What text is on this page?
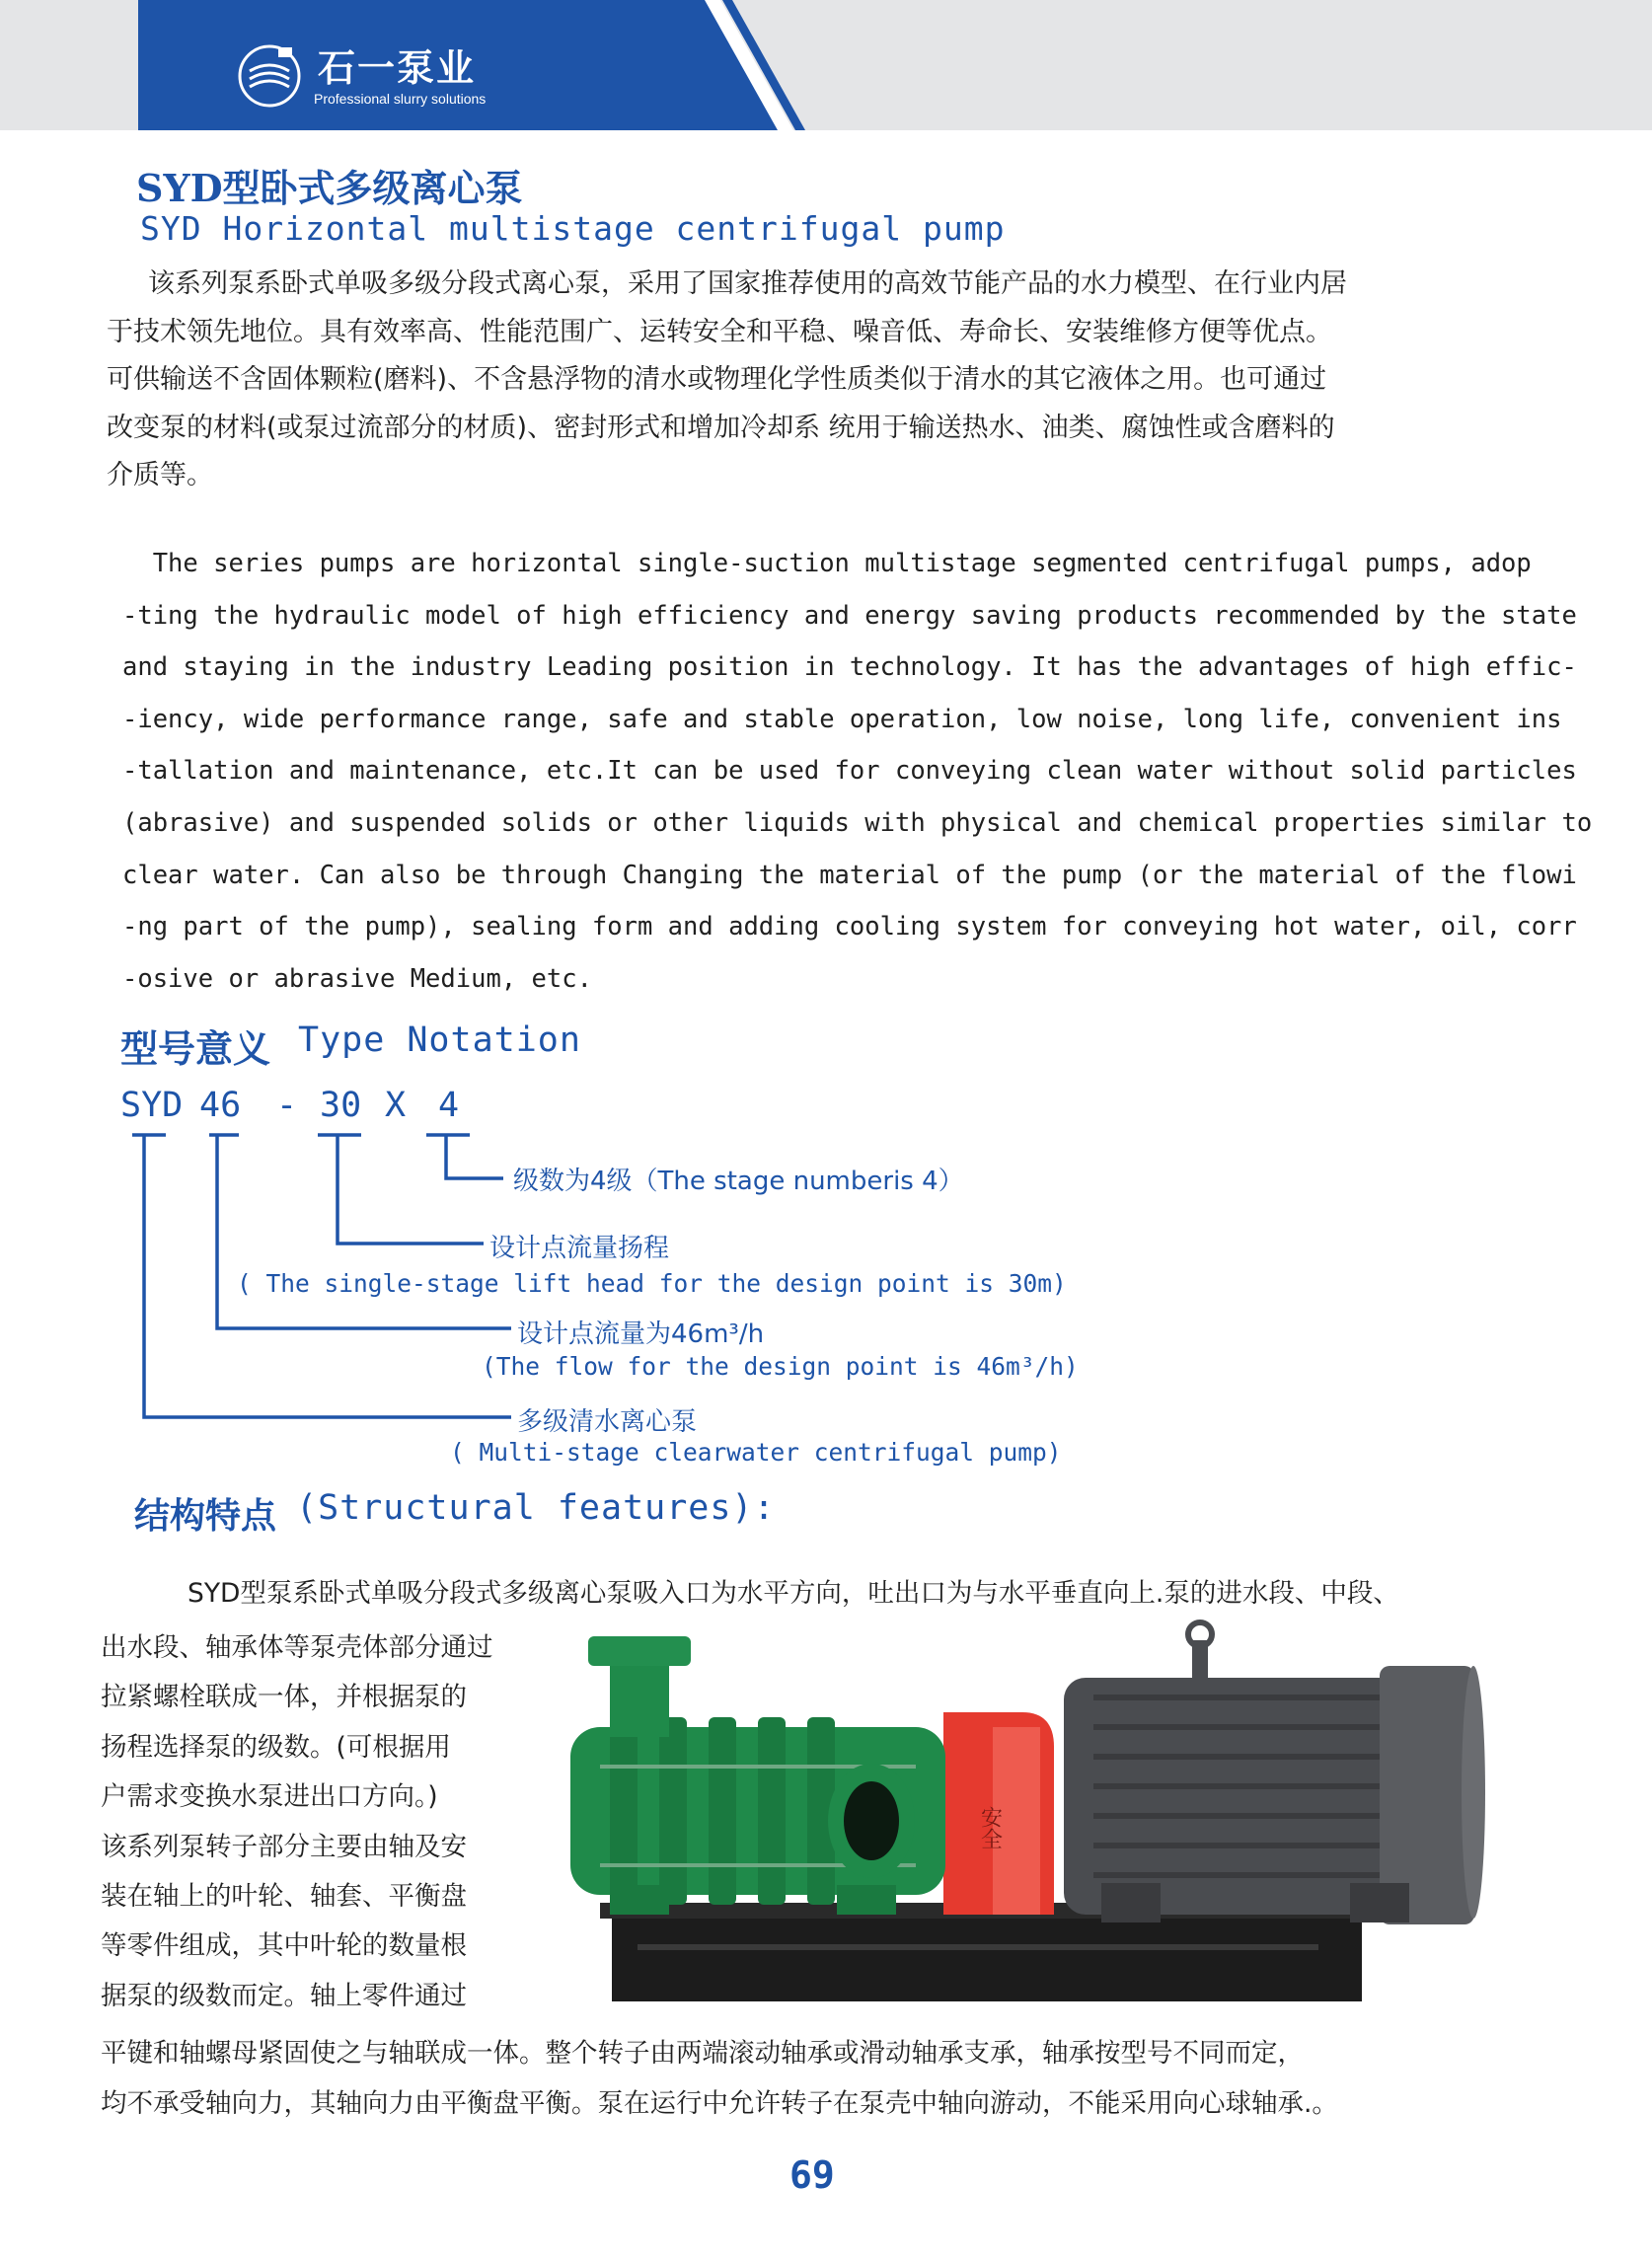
石一泵业
Professional slurry solutions
SYD型卧式多级离心泵
SYD Horizontal multistage centrifugal pump
该系列泵系卧式单吸多级分段式离心泵，采用了国家推荐使用的高效节能产品的水力模型、在行业内居
于技术领先地位。具有效率高、性能范围广、运转安全和平稳、噪音低、寿命长、安装维修方便等优点。
可供输送不含固体颗粒(磨料)、不含悬浮物的清水或物理化学性质类似于清水的其它液体之用。也可通过
改变泵的材料(或泵过流部分的材质)、密封形式和增加冷却系 统用于输送热水、油类、腐蚀性或含磨料的
介质等。
The series pumps are horizontal single-suction multistage segmented centrifugal pumps, adop
-ting the hydraulic model of high efficiency and energy saving products recommended by the state
and staying in the industry Leading position in technology. It has the advantages of high effic-
-iency, wide performance range, safe and stable operation, low noise, long life, convenient ins
-tallation and maintenance, etc.It can be used for conveying clean water without solid particles
(abrasive) and suspended solids or other liquids with physical and chemical properties similar to
clear water. Can also be through Changing the material of the pump (or the material of the flowi
-ng part of the pump), sealing form and adding cooling system for conveying hot water, oil, corr
-osive or abrasive Medium, etc.
型号意义 Type Notation
SYD 46 - 30 X 4
级数为4级（The stage numberis 4）
设计点流量扬程
( The single-stage lift head for the design point is 30m)
设计点流量为46m³/h
(The flow for the design point is 46m³/h)
多级清水离心泵
( Multi-stage clearwater centrifugal pump)
结构特点 (Structural features):
SYD型泵系卧式单吸分段式多级离心泵吸入口为水平方向，吐出口为与水平垂直向上.泵的进水段、中段、
出水段、轴承体等泵壳体部分通过
拉紧螺栓联成一体，并根据泵的
扬程选择泵的级数。(可根据用
户需求变换水泵进出口方向。)
该系列泵转子部分主要由轴及安
装在轴上的叶轮、轴套、平衡盘
等零件组成，其中叶轮的数量根
据泵的级数而定。轴上零件通过
平键和轴螺母紧固使之与轴联成一体。整个转子由两端滚动轴承或滑动轴承支承，轴承按型号不同而定，
均不承受轴向力，其轴向力由平衡盘平衡。泵在运行中允许转子在泵壳中轴向游动，不能采用向心球轴承.。
安全
69
